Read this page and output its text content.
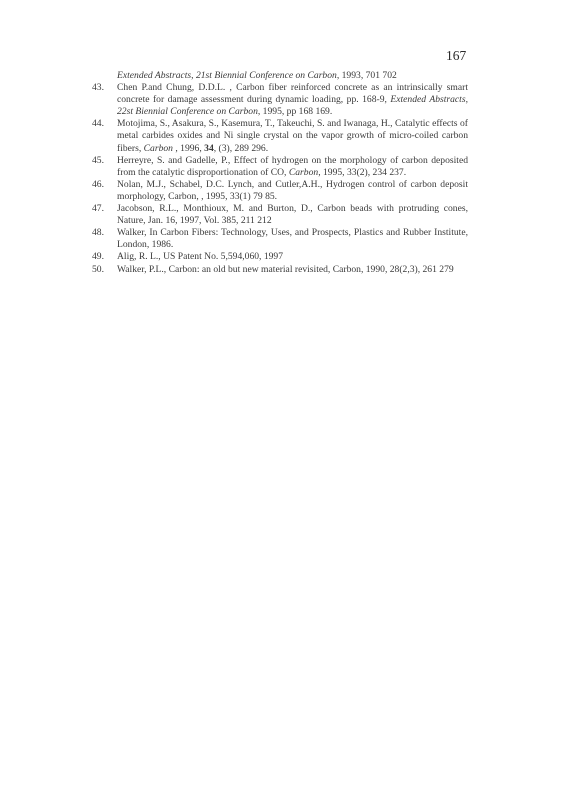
167
Extended Abstracts, 21st Biennial Conference on Carbon, 1993, 701 702
43. Chen P.and Chung, D.D.L. , Carbon fiber reinforced concrete as an intrinsically smart concrete for damage assessment during dynamic loading, pp. 168-9, Extended Abstracts, 22st Biennial Conference on Carbon, 1995, pp 168 169.
44. Motojima, S., Asakura, S., Kasemura, T., Takeuchi, S. and Iwanaga, H., Catalytic effects of metal carbides oxides and Ni single crystal on the vapor growth of micro-coiled carbon fibers, Carbon , 1996, 34, (3), 289 296.
45. Herreyre, S. and Gadelle, P., Effect of hydrogen on the morphology of carbon deposited from the catalytic disproportionation of CO, Carbon, 1995, 33(2), 234 237.
46. Nolan, M.J., Schabel, D.C. Lynch, and Cutler,A.H., Hydrogen control of carbon deposit morphology, Carbon, , 1995, 33(1) 79 85.
47. Jacobson, R.L., Monthioux, M. and Burton, D., Carbon beads with protruding cones, Nature, Jan. 16, 1997, Vol. 385, 211 212
48. Walker, In Carbon Fibers: Technology, Uses, and Prospects, Plastics and Rubber Institute, London, 1986.
49. Alig, R. L., US Patent No. 5,594,060, 1997
50. Walker, P.L., Carbon: an old but new material revisited, Carbon, 1990, 28(2,3), 261 279
